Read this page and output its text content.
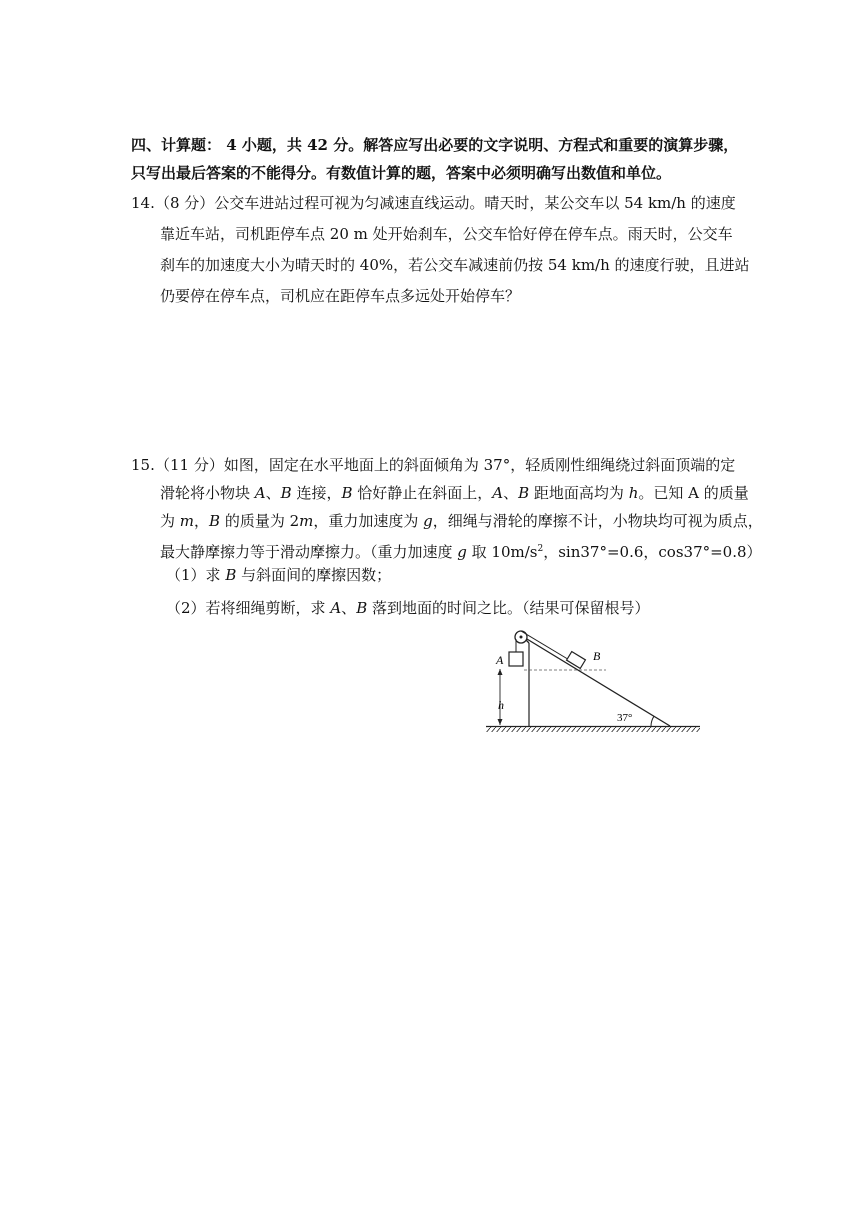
四、计算题： 4 小题，共 42 分。解答应写出必要的文字说明、方程式和重要的演算步骤，
只写出最后答案的不能得分。有数值计算的题，答案中必须明确写出数值和单位。
14. （8 分）公交车进站过程可视为匀减速直线运动。晴天时，某公交车以 54 km/h 的速度
靠近车站，司机距停车点 20 m 处开始刹车，公交车恰好停在停车点。雨天时，公交车
刹车的加速度大小为晴天时的 40%，若公交车减速前仍按 54 km/h 的速度行驶，且进站
仍要停在停车点，司机应在距停车点多远处开始停车？
15. （11 分）如图，固定在水平地面上的斜面倾角为 37°，轻质刚性细绳绕过斜面顶端的定
滑轮将小物块 A、B 连接，B 恰好静止在斜面上，A、B 距地面高均为 h。已知 A 的质量
为 m，B 的质量为 2m，重力加速度为 g，细绳与滑轮的摩擦不计，小物块均可视为质点，
最大静摩擦力等于滑动摩擦力。（重力加速度 g 取 $10m/s^2$，sin37°=0.6，cos37°=0.8）
（1）求 B 与斜面间的摩擦因数；
（2）若将细绳剪断，求 A、B 落到地面的时间之比。（结果可保留根号）
A	B
h
37°
